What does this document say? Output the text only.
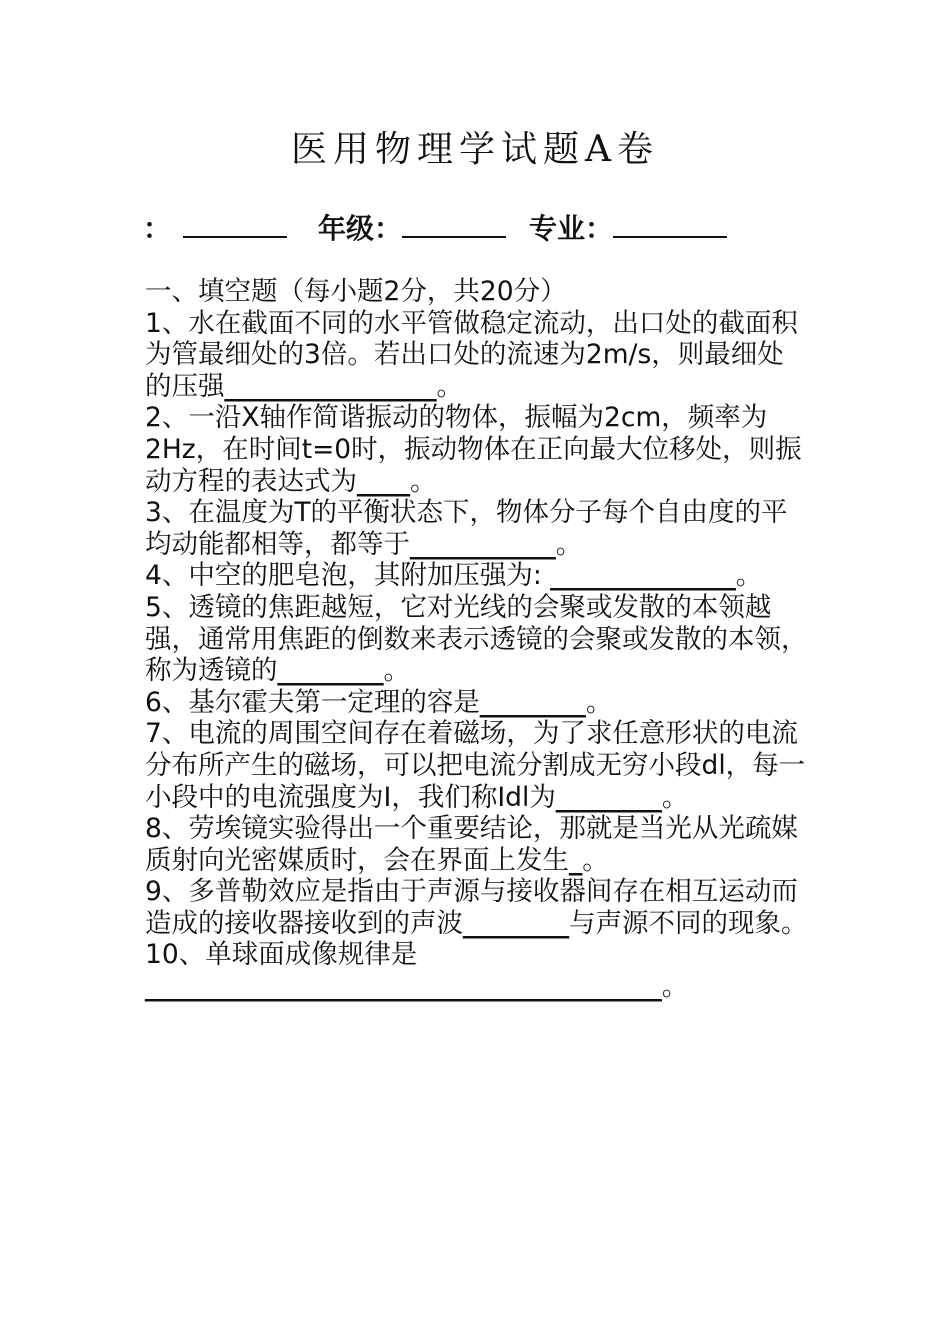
医用物理学试题A卷
：	年级：	专业：

一、填空题（每小题2分，共20分）

1、水在截面不同的水平管做稳定流动，出口处的截面积为管最细处的3倍。若出口处的流速为2m/s，则最细处的压强________________。

2、一沿X轴作简谐振动的物体，振幅为2cm，频率为2Hz，在时间t=0时，振动物体在正向最大位移处，则振动方程的表达式为____。

3、在温度为T的平衡状态下，物体分子每个自由度的平均动能都相等，都等于___________。

4、中空的肥皂泡，其附加压强为: ______________。

5、透镜的焦距越短，它对光线的会聚或发散的本领越强，通常用焦距的倒数来表示透镜的会聚或发散的本领，称为透镜的________。

6、基尔霍夫第一定理的容是________。

7、电流的周围空间存在着磁场，为了求任意形状的电流分布所产生的磁场，可以把电流分割成无穷小段dl，每一小段中的电流强度为I，我们称Idl为________。

8、劳埃镜实验得出一个重要结论，那就是当光从光疏媒质射向光密媒质时，会在界面上发生_。

9、多普勒效应是指由于声源与接收器间存在相互运动而造成的接收器接收到的声波________与声源不同的现象。

10、单球面成像规律是_______________________________________。
